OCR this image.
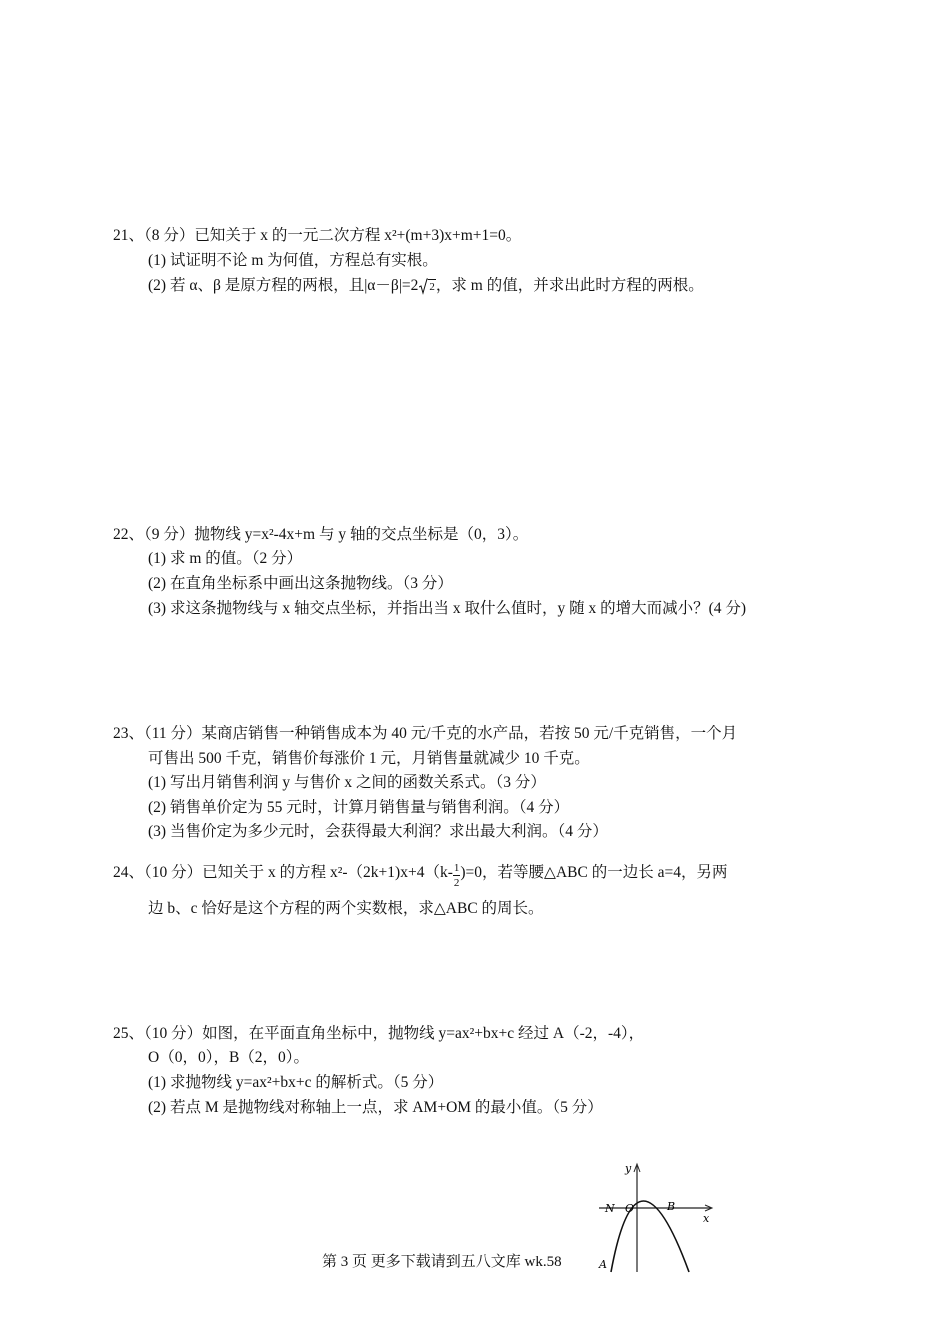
21、（8 分）已知关于 x 的一元二次方程 x²+(m+3)x+m+1=0。
(1) 试证明不论 m 为何值，方程总有实根。
(2) 若 α、β 是原方程的两根，且|α－β|=2 2，求 m 的值，并求出此时方程的两根。
22、（9 分）抛物线 y=x²-4x+m 与 y 轴的交点坐标是（0，3）。
(1) 求 m 的值。（2 分）
(2) 在直角坐标系中画出这条抛物线。（3 分）
(3) 求这条抛物线与 x 轴交点坐标，并指出当 x 取什么值时，y 随 x 的增大而减小？(4 分)
23、（11 分）某商店销售一种销售成本为 40 元/千克的水产品，若按 50 元/千克销售，一个月
可售出 500 千克，销售价每涨价 1 元，月销售量就减少 10 千克。
(1) 写出月销售利润 y 与售价 x 之间的函数关系式。（3 分）
(2) 销售单价定为 55 元时，计算月销售量与销售利润。（4 分）
(3) 当售价定为多少元时，会获得最大利润？求出最大利润。（4 分）
24、（10 分）已知关于 x 的方程 $x^2-(2k+1)x+4(k- \frac{1}{2} )=0$，若等腰△ABC 的一边长 a=4，另两
边 b、c 恰好是这个方程的两个实数根，求△ABC 的周长。
25、（10 分）如图，在平面直角坐标中，抛物线 y=ax²+bx+c 经过 A（-2，-4），
O（0，0），B（2，0）。
(1) 求抛物线 y=ax²+bx+c 的解析式。（5 分）
(2) 若点 M 是抛物线对称轴上一点，求 AM+OM 的最小值。（5 分）
y
x
N O	B
A
第 3 页 更多下载请到五八文库 wk.58
